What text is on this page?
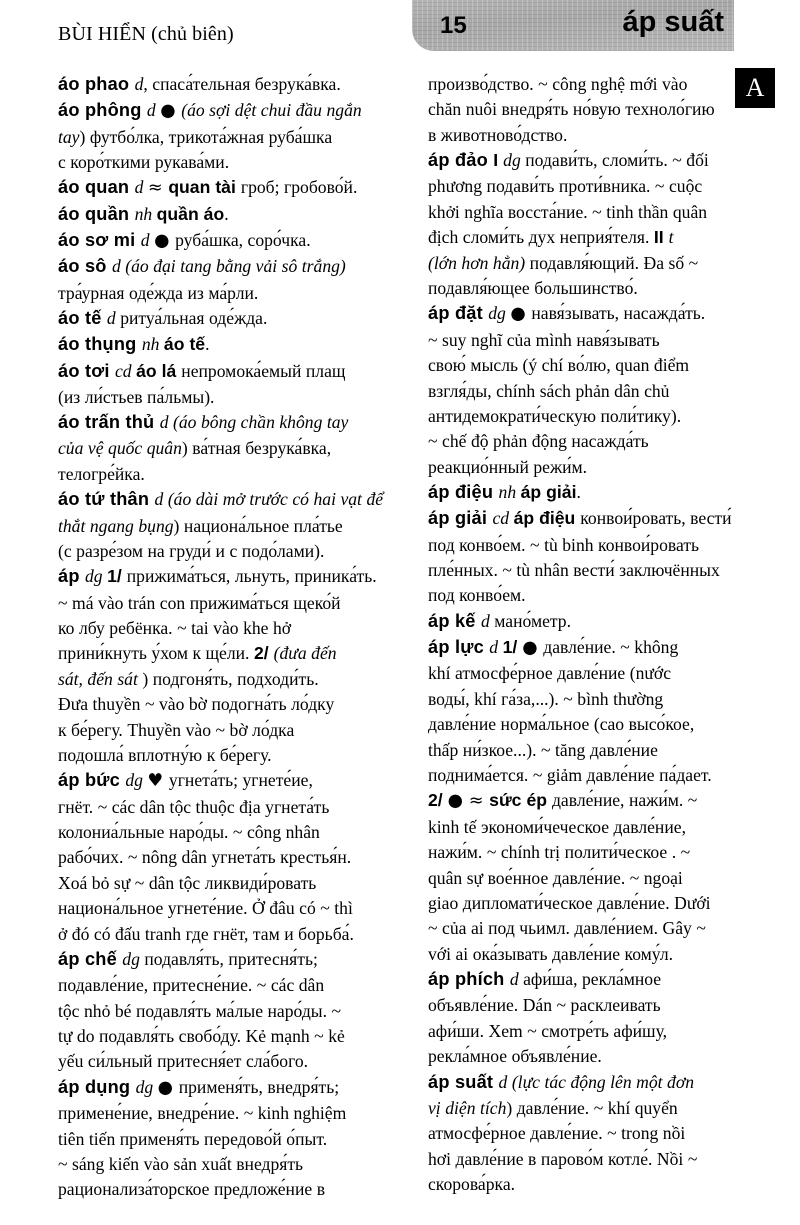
BÙI HIỂN (chủ biên)	15	áp suất
A
áo phao d, спаса́тельная безрука́вка.
áo phông d ● (áo sợi dệt chui đầu ngắn
tay) футбо́лка, трикота́жная руба́шка
с коро́ткими рукава́ми.
áo quan d ≈ quan tài гроб; гробово́й.
áo quần nh quần áo.
áo sơ mi d ● руба́шка, соро́чка.
áo sô d (áo đại tang bằng vải sô trắng)
тра́урная оде́жда из ма́рли.
áo tế d ритуа́льная оде́жда.
áo thụng nh áo tế.
áo tơi cd áo lá непромока́емый плащ
(из ли́стьев па́льмы).
áo trấn thủ d (áo bông chần không tay
của vệ quốc quân) ва́тная безрука́вка,
телогре́йка.
áo tứ thân d (áo dài mở trước có hai vạt để
thắt ngang bụng) национа́льное пла́тье
(с разре́зом на груди́ и с подо́лами).
áp dg 1/ прижима́ться, льнуть, приника́ть.
~ má vào trán con прижима́ться щеко́й
ко лбу ребёнка. ~ tai vào khe hở
прини́кнуть у́хом к ще́ли. 2/ (đưa đến
sát, đến sát ) подгоня́ть, подходи́ть.
Đưa thuyền ~ vào bờ подогна́ть ло́дку
к бе́регу. Thuyền vào ~ bờ ло́дка
подошла́ вплотну́ю к бе́регу.
áp bức dg ♥ угнета́ть; угнете́ие,
гнёт. ~ các dân tộc thuộc địa угнета́ть
колониа́льные наро́ды. ~ công nhân
рабо́чих. ~ nông dân угнета́ть крестья́н.
Xoá bỏ sự ~ dân tộc ликвиди́ровать
национа́льное угнете́ние. Ở đâu có ~ thì
ở đó có đấu tranh где гнёт, там и борьба́.
áp chế dg подавля́ть, притесня́ть;
подавле́ние, притесне́ние. ~ các dân
tộc nhỏ bé подавля́ть ма́лые наро́ды. ~
tự do подавля́ть свобо́ду. Kẻ mạnh ~ kẻ
yếu си́льный притесня́ет сла́бого.
áp dụng dg ● применя́ть, внедря́ть;
примене́ние, внедре́ние. ~ kinh nghiệm
tiên tiến применя́ть передово́й о́пыт.
~ sáng kiến vào sản xuất внедря́ть
рационализа́торское предложе́ние в
произво́дство. ~ công nghệ mới vào
chăn nuôi внедря́ть но́вую техноло́гию
в животново́дство.
áp đảo I dg подави́ть, сломи́ть. ~ đối
phương подави́ть проти́вника. ~ cuộc
khởi nghĩa восста́ние. ~ tinh thần quân
địch сломи́ть дух неприя́теля. II t
(lớn hơn hẳn) подавля́ющий. Đa số ~
подавля́ющее большинство́.
áp đặt dg ● навя́зывать, насажда́ть.
~ suy nghĩ của mình навя́зывать
свою́ мысль (ý chí во́лю, quan điểm
взгля́ды, chính sách phản dân chủ
антидемократи́ческую поли́тику).
~ chế độ phản động насажда́ть
реакцио́нный режи́м.
áp điệu nh áp giải.
áp giải cd áp điệu конвои́ровать, вести́
под конво́ем. ~ tù binh конвои́ровать
пле́нных. ~ tù nhân вести́ заключённых
под конво́ем.
áp kế d мано́метр.
áp lực d 1/ ● давле́ние. ~ không
khí атмосфе́рное давле́ние (nước
воды́, khí га́за,...). ~ bình thường
давле́ние норма́льное (cao высо́кое,
thấp ни́зкое...). ~ tăng давле́ние
поднима́ется. ~ giảm давле́ние па́дает.
2/ ● ≈ sức ép давле́ние, нажи́м. ~
kinh tế экономи́чеческое давле́ние,
нажи́м. ~ chính trị полити́ческое . ~
quân sự вое́нное давле́ние. ~ ngoại
giao дипломати́ческое давле́ние. Dưới
~ của ai под чьимл. давле́нием. Gây ~
với ai ока́зывать давле́ние кому́л.
áp phích d афи́ша, рекла́мное
объявле́ние. Dán ~ расклеивать
афи́ши. Xem ~ смотре́ть афи́шу,
рекла́мное объявле́ние.
áp suất d (lực tác động lên một đơn
vị diện tích) давле́ние. ~ khí quyển
атмосфе́рное давле́ние. ~ trong nồi
hơi давле́ние в парово́м котле́. Nồi ~
скорова́рка.
